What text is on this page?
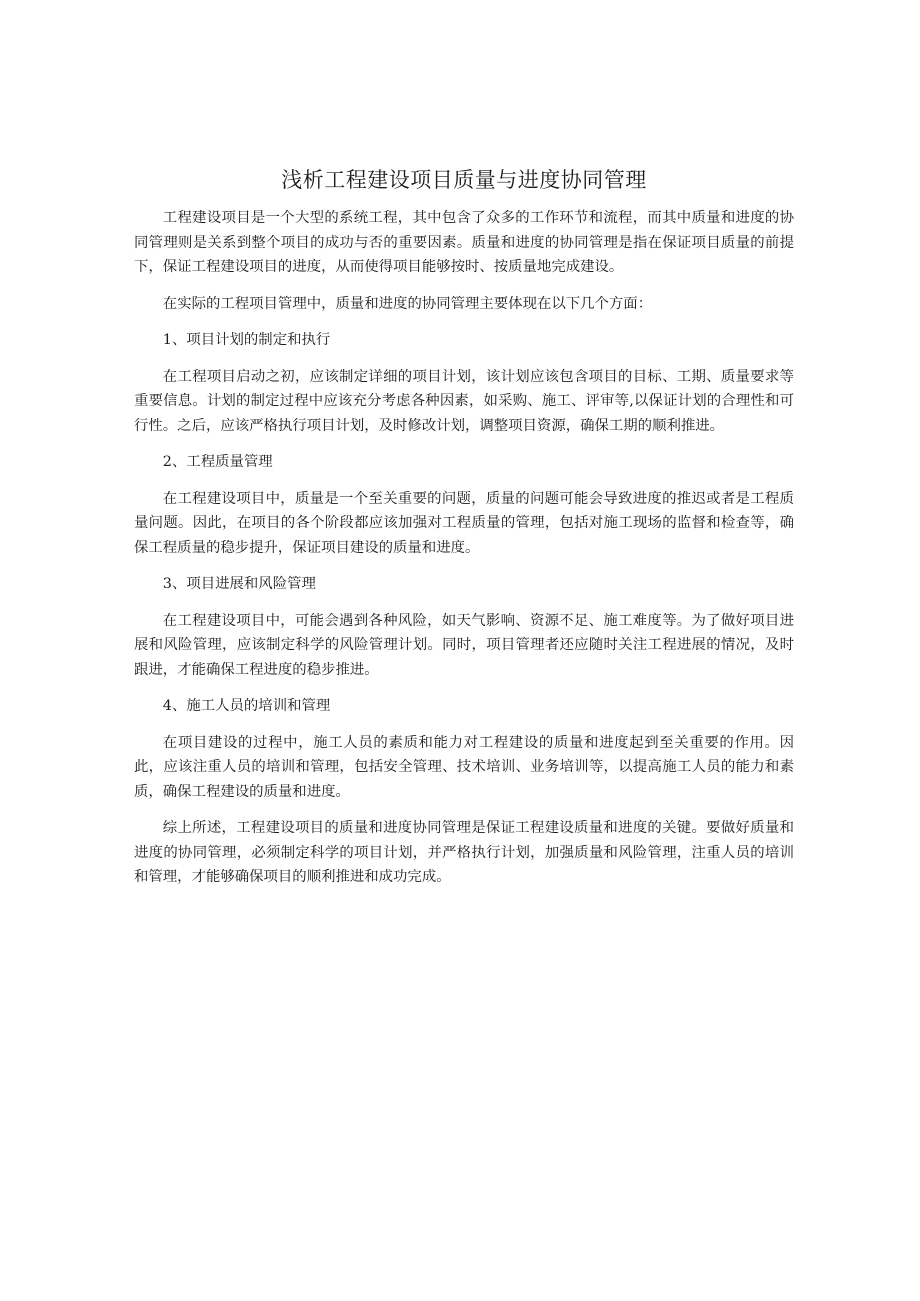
浅析工程建设项目质量与进度协同管理

工程建设项目是一个大型的系统工程，其中包含了众多的工作环节和流程，而其中质量和进度的协同管理则是关系到整个项目的成功与否的重要因素。质量和进度的协同管理是指在保证项目质量的前提下，保证工程建设项目的进度，从而使得项目能够按时、按质量地完成建设。

在实际的工程项目管理中，质量和进度的协同管理主要体现在以下几个方面：

1、项目计划的制定和执行

在工程项目启动之初，应该制定详细的项目计划，该计划应该包含项目的目标、工期、质量要求等重要信息。计划的制定过程中应该充分考虑各种因素，如采购、施工、评审等,以保证计划的合理性和可行性。之后，应该严格执行项目计划，及时修改计划，调整项目资源，确保工期的顺利推进。

2、工程质量管理

在工程建设项目中，质量是一个至关重要的问题，质量的问题可能会导致进度的推迟或者是工程质量问题。因此，在项目的各个阶段都应该加强对工程质量的管理，包括对施工现场的监督和检查等，确保工程质量的稳步提升，保证项目建设的质量和进度。

3、项目进展和风险管理

在工程建设项目中，可能会遇到各种风险，如天气影响、资源不足、施工难度等。为了做好项目进展和风险管理，应该制定科学的风险管理计划。同时，项目管理者还应随时关注工程进展的情况，及时跟进，才能确保工程进度的稳步推进。

4、施工人员的培训和管理

在项目建设的过程中，施工人员的素质和能力对工程建设的质量和进度起到至关重要的作用。因此，应该注重人员的培训和管理，包括安全管理、技术培训、业务培训等，以提高施工人员的能力和素质，确保工程建设的质量和进度。

综上所述，工程建设项目的质量和进度协同管理是保证工程建设质量和进度的关键。要做好质量和进度的协同管理，必须制定科学的项目计划，并严格执行计划，加强质量和风险管理，注重人员的培训和管理，才能够确保项目的顺利推进和成功完成。
